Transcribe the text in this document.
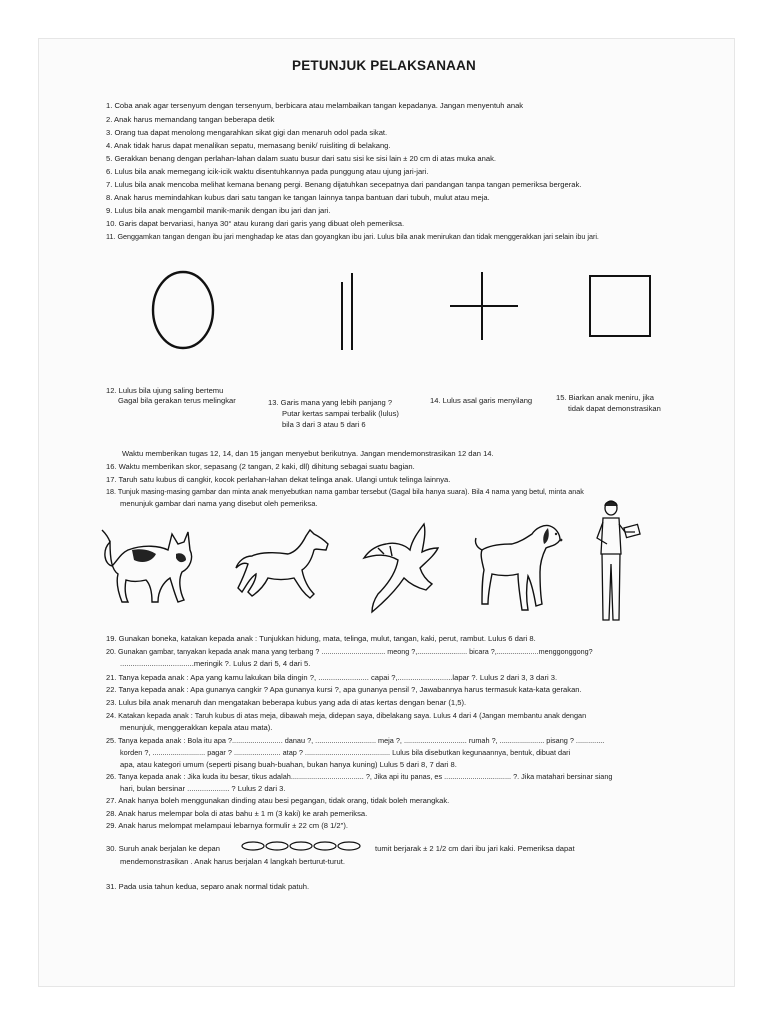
PETUNJUK PELAKSANAAN
1. Coba anak agar tersenyum dengan tersenyum, berbicara atau melambaikan tangan kepadanya. Jangan menyentuh anak
2. Anak harus memandang tangan beberapa detik
3. Orang tua dapat menolong mengarahkan sikat gigi dan menaruh odol pada sikat.
4. Anak tidak harus dapat menalikan sepatu, memasang benik/ ruisliting di belakang.
5. Gerakkan benang dengan perlahan-lahan dalam suatu busur dari satu sisi ke sisi lain ± 20 cm di atas muka anak.
6. Lulus bila anak memegang icik-icik waktu disentuhkannya pada punggung atau ujung jari-jari.
7. Lulus bila anak mencoba melihat kemana benang pergi. Benang dijatuhkan secepatnya dari pandangan tanpa tangan pemeriksa bergerak.
8. Anak harus memindahkan kubus dari satu tangan ke tangan lainnya tanpa bantuan dari tubuh, mulut atau meja.
9. Lulus bila anak mengambil manik-manik dengan ibu jari dan jari.
10. Garis dapat bervariasi, hanya 30° atau kurang dari garis yang dibuat oleh pemeriksa.
11. Genggamkan tangan dengan ibu jari menghadap ke atas dan goyangkan ibu jari. Lulus bila anak menirukan dan tidak menggerakkan jari selain ibu jari.
12. Lulus bila ujung saling bertemu
Gagal bila gerakan terus melingkar	13. Garis mana yang lebih panjang ?
Putar kertas sampai terbalik (lulus)
bila 3 dari 3 atau 5 dari 6
14. Lulus asal garis menyilang	15. Biarkan anak meniru, jika
tidak dapat demonstrasikan
Waktu memberikan tugas 12, 14, dan 15 jangan menyebut berikutnya. Jangan mendemonstrasikan 12 dan 14.
16. Waktu memberikan skor, sepasang (2 tangan, 2 kaki, dll) dihitung sebagai suatu bagian.
17. Taruh satu kubus di cangkir, kocok perlahan-lahan dekat telinga anak. Ulangi untuk telinga lainnya.
18. Tunjuk masing-masing gambar dan minta anak menyebutkan nama gambar tersebut (Gagal bila hanya suara). Bila 4 nama yang betul, minta anak
menunjuk gambar dari nama yang disebut oleh pemeriksa.
19. Gunakan boneka, katakan kepada anak : Tunjukkan hidung, mata, telinga, mulut, tangan, kaki, perut, rambut. Lulus 6 dari 8.
20. Gunakan gambar, tanyakan kepada anak mana yang terbang ? ................................ meong ?,......................... bicara ?,.....................menggonggong?
...................................meringik ?. Lulus 2 dari 5, 4 dari 5.
21. Tanya kepada anak : Apa yang kamu lakukan bila dingin ?, ........................ capai ?,..........................lapar ?. Lulus 2 dari 3, 3 dari 3.
22. Tanya kepada anak : Apa gunanya cangkir ? Apa gunanya kursi ?, apa gunanya pensil ?, Jawabannya harus termasuk kata-kata gerakan.
23. Lulus bila anak menaruh dan mengatakan beberapa kubus yang ada di atas kertas dengan benar (1,5).
24. Katakan kepada anak : Taruh kubus di atas meja, dibawah meja, didepan saya, dibelakang saya. Lulus 4 dari 4 (Jangan membantu anak dengan
menunjuk, menggerakkan kepala atau mata).
25. Tanya kepada anak : Bola itu apa ?......................... danau ?, .............................. meja ?, ............................... rumah ?, ...................... pisang ? ..............
korden ?, .......................... pagar ? ....................... atap ? .......................................... Lulus bila disebutkan kegunaannya, bentuk, dibuat dari
apa, atau kategori umum (seperti pisang buah-buahan, bukan hanya kuning) Lulus 5 dari 8, 7 dari 8.
26. Tanya kepada anak : Jika kuda itu besar, tikus adalah.................................... ?, Jika api itu panas, es ................................. ?. Jika matahari bersinar siang
hari, bulan bersinar .................... ? Lulus 2 dari 3.
27. Anak hanya boleh menggunakan dinding atau besi pegangan, tidak orang, tidak boleh merangkak.
28. Anak harus melempar bola di atas bahu ± 1 m (3 kaki) ke arah pemeriksa.
29. Anak harus melompat melampaui lebarnya formulir ± 22 cm (8 1/2").
30. Suruh anak berjalan ke depan	tumit berjarak ± 2 1/2 cm dari ibu jari kaki. Pemeriksa dapat
mendemonstrasikan . Anak harus berjalan 4 langkah berturut-turut.
31. Pada usia tahun kedua, separo anak normal tidak patuh.
